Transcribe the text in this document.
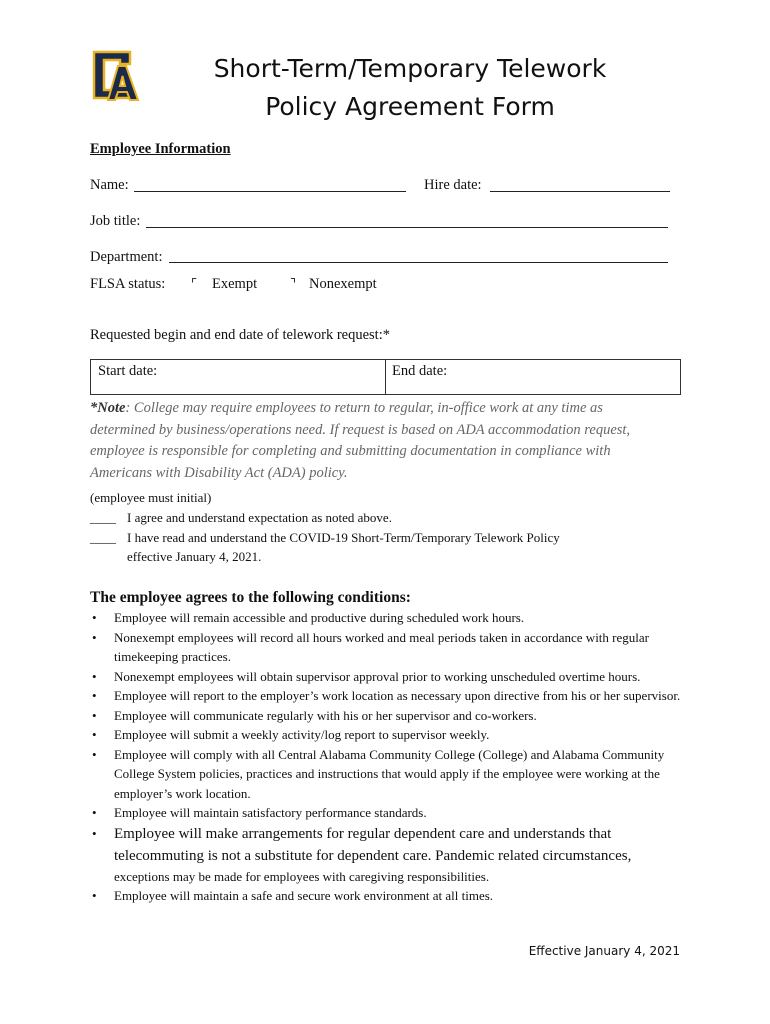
Short-Term/Temporary Telework
Policy Agreement Form
Employee Information
Name:	Hire date:
Job title:
Department:
FLSA status: ⌜ Exempt	⌝ Nonexempt
Requested begin and end date of telework request:*
Start date:	End date:
*Note: College may require employees to return to regular, in-office work at any time as
determined by business/operations need. If request is based on ADA accommodation request,
employee is responsible for completing and submitting documentation in compliance with
Americans with Disability Act (ADA) policy.
(employee must initial)
____ I agree and understand expectation as noted above.
____ I have read and understand the COVID-19 Short-Term/Temporary Telework Policy
effective January 4, 2021.
The employee agrees to the following conditions:
• Employee will remain accessible and productive during scheduled work hours.
• Nonexempt employees will record all hours worked and meal periods taken in accordance with regular timekeeping practices.
• Nonexempt employees will obtain supervisor approval prior to working unscheduled overtime hours.
• Employee will report to the employer’s work location as necessary upon directive from his or her supervisor.
• Employee will communicate regularly with his or her supervisor and co-workers.
• Employee will submit a weekly activity/log report to supervisor weekly.
• Employee will comply with all Central Alabama Community College (College) and Alabama Community College System policies, practices and instructions that would apply if the employee were working at the employer’s work location.
• Employee will maintain satisfactory performance standards.
• Employee will make arrangements for regular dependent care and understands that
telecommuting is not a substitute for dependent care. Pandemic related circumstances,
exceptions may be made for employees with caregiving responsibilities.
• Employee will maintain a safe and secure work environment at all times.
Effective January 4, 2021
